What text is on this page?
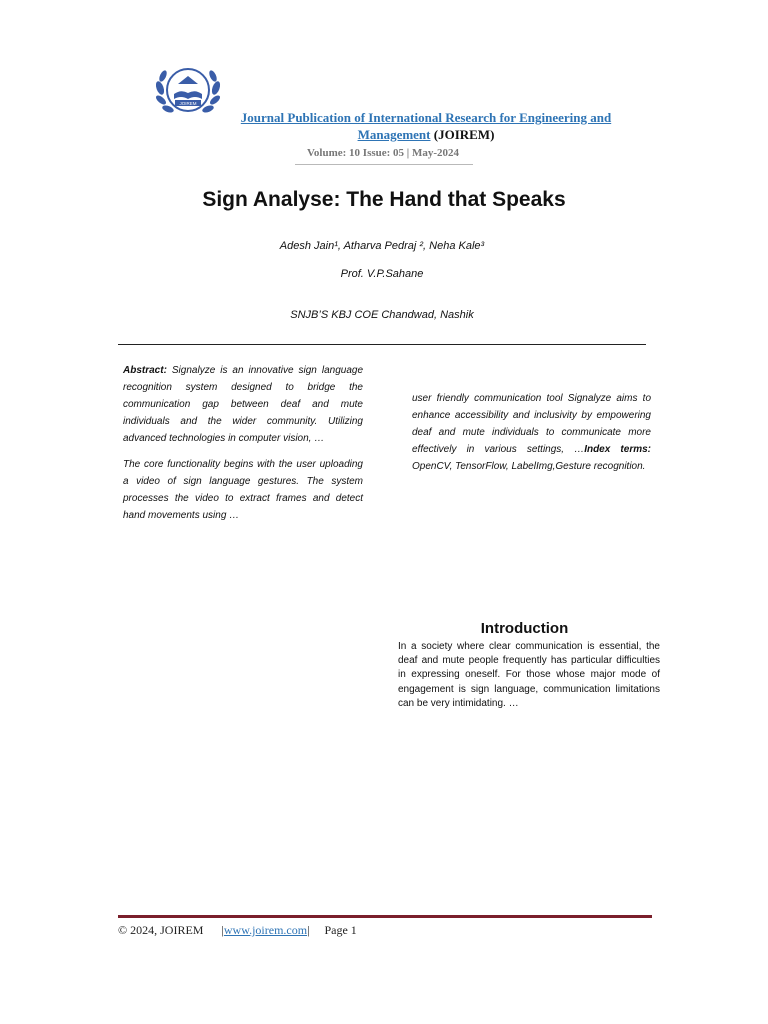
JOIREM
Journal Publication of International Research for Engineering and Management (JOIREM)
Volume: 10 Issue: 05 | May-2024
Sign Analyse: The Hand that Speaks
Adesh Jain¹, Atharva Pedraj ², Neha Kale³
Prof. V.P.Sahane
SNJB’S KBJ COE Chandwad, Nashik

Abstract: Signalyze is an innovative sign language recognition system designed to bridge the communication gap between deaf and mute individuals and the wider community. Utilizing advanced technologies in computer vision, …

The core functionality begins with the user uploading a video of sign language gestures. The system processes the video to extract frames and detect hand movements using …

user friendly communication tool Signalyze aims to enhance accessibility and inclusivity by empowering deaf and mute individuals to communicate more effectively in various settings, …Index terms: OpenCV, TensorFlow, LabelImg,Gesture recognition.

Introduction
In a society where clear communication is essential, the deaf and mute people frequently has particular difficulties in expressing oneself. For those whose major mode of engagement is sign language, communication limitations can be very intimidating. …
© 2024, JOIREM      |www.joirem.com|     Page 1
